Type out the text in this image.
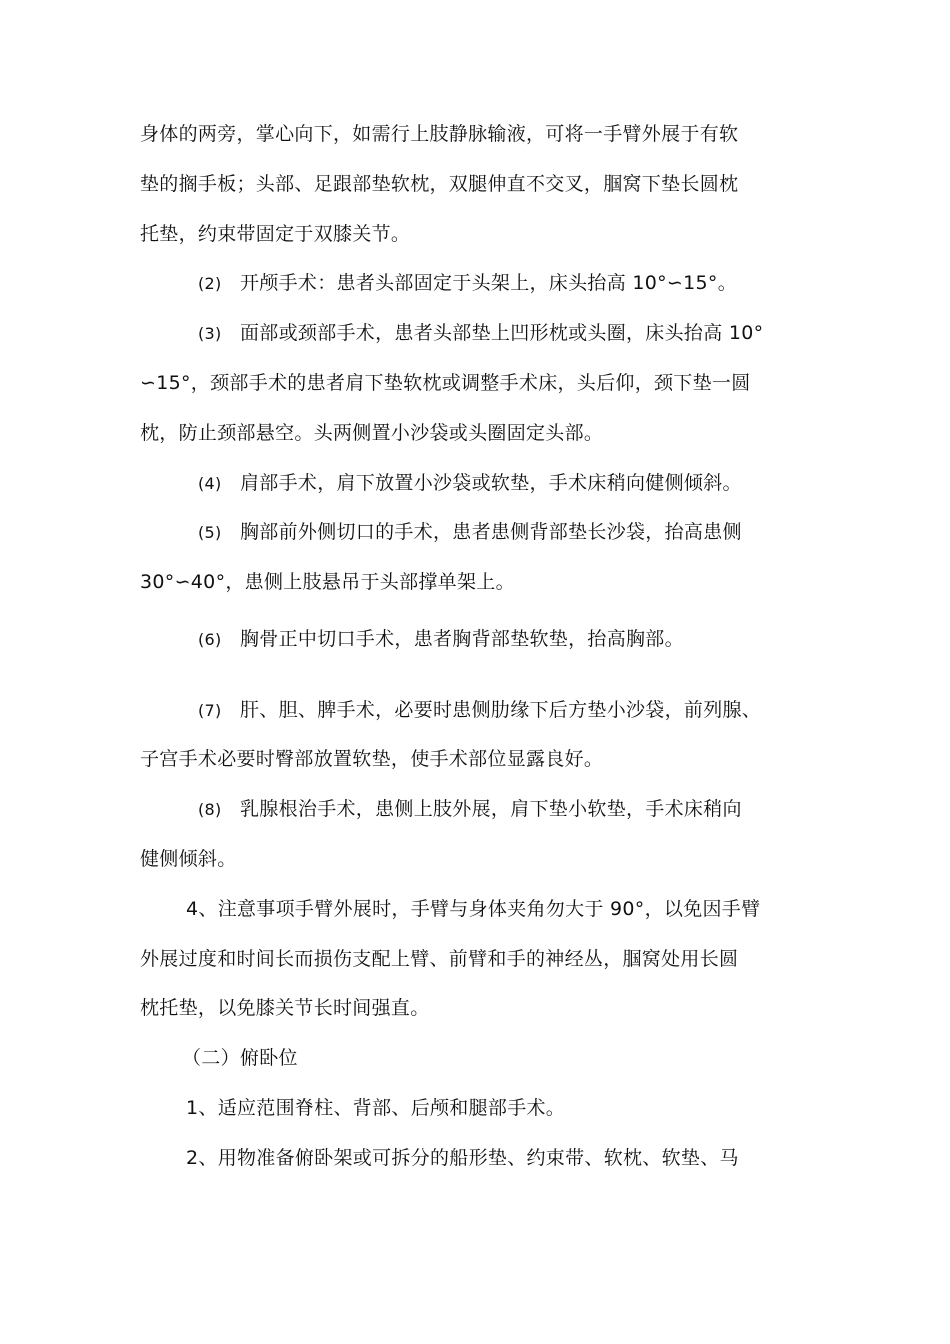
身体的两旁，掌心向下，如需行上肢静脉输液，可将一手臂外展于有软
垫的搁手板；头部、足跟部垫软枕，双腿伸直不交叉，腘窝下垫长圆枕
托垫，约束带固定于双膝关节。
(2) 开颅手术：患者头部固定于头架上，床头抬高 10°∽15°。
(3) 面部或颈部手术，患者头部垫上凹形枕或头圈，床头抬高 10°
∽15°，颈部手术的患者肩下垫软枕或调整手术床，头后仰，颈下垫一圆
枕，防止颈部悬空。头两侧置小沙袋或头圈固定头部。
(4) 肩部手术，肩下放置小沙袋或软垫，手术床稍向健侧倾斜。
(5) 胸部前外侧切口的手术，患者患侧背部垫长沙袋，抬高患侧
30°∽40°，患侧上肢悬吊于头部撑单架上。
(6) 胸骨正中切口手术，患者胸背部垫软垫，抬高胸部。
(7) 肝、胆、脾手术，必要时患侧肋缘下后方垫小沙袋，前列腺、
子宫手术必要时臀部放置软垫，使手术部位显露良好。
(8) 乳腺根治手术，患侧上肢外展，肩下垫小软垫，手术床稍向
健侧倾斜。
4、注意事项手臂外展时，手臂与身体夹角勿大于 90°，以免因手臂
外展过度和时间长而损伤支配上臂、前臂和手的神经丛，腘窝处用长圆
枕托垫，以免膝关节长时间强直。
（二）俯卧位
1、适应范围脊柱、背部、后颅和腿部手术。
2、用物准备俯卧架或可拆分的船形垫、约束带、软枕、软垫、马
